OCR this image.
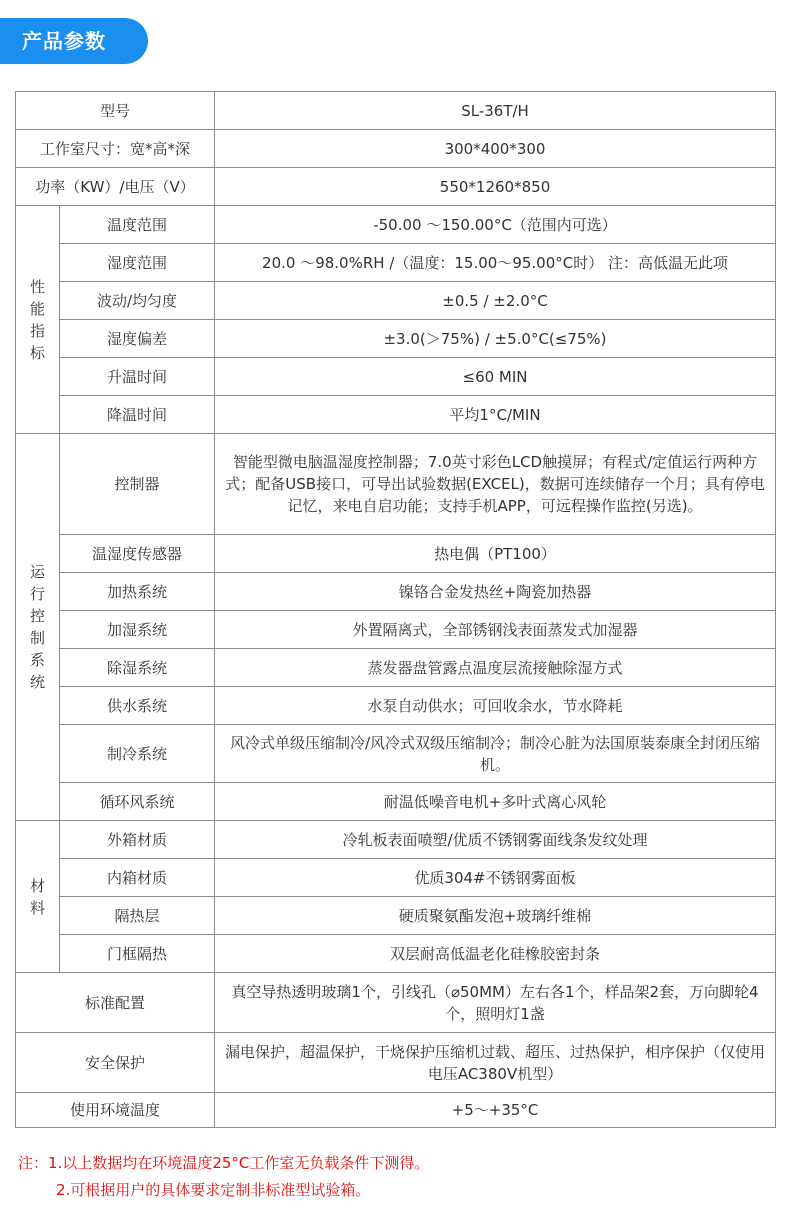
产品参数
型号		SL-36T/H
工作室尺寸：宽*高*深		300*400*300
功率（KW）/电压（V）		550*1260*850
性能指标	温度范围	-50.00 ～150.00°C（范围内可选）
	湿度范围	20.0 ～98.0%RH /（温度：15.00～95.00°C时） 注：高低温无此项
	波动/均匀度	±0.5 / ±2.0°C
	湿度偏差	±3.0(＞75%) / ±5.0°C(≤75%)
	升温时间	≤60 MIN
	降温时间	平均1°C/MIN
运行控制系统	控制器	智能型微电脑温湿度控制器；7.0英寸彩色LCD触摸屏；有程式/定值运行两种方式；配备USB接口，可导出试验数据(EXCEL)，数据可连续储存一个月；具有停电记忆，来电自启功能；支持手机APP，可远程操作监控(另选)。
	温湿度传感器	热电偶（PT100）
	加热系统	镍铬合金发热丝+陶瓷加热器
	加湿系统	外置隔离式，全部锈钢浅表面蒸发式加湿器
	除湿系统	蒸发器盘管露点温度层流接触除湿方式
	供水系统	水泵自动供水；可回收余水，节水降耗
	制冷系统	风冷式单级压缩制冷/风冷式双级压缩制冷；制冷心脏为法国原装泰康全封闭压缩机。
	循环风系统	耐温低噪音电机+多叶式离心风轮
材料	外箱材质	冷轧板表面喷塑/优质不锈钢雾面线条发纹处理
	内箱材质	优质304#不锈钢雾面板
	隔热层	硬质聚氨酯发泡+玻璃纤维棉
	门框隔热	双层耐高低温老化硅橡胶密封条
标准配置		真空导热透明玻璃1个，引线孔（⌀50MM）左右各1个，样品架2套，万向脚轮4个，照明灯1盏
安全保护		漏电保护，超温保护，干烧保护压缩机过载、超压、过热保护，相序保护（仅使用电压AC380V机型）
使用环境温度		+5～+35°C
注：1.以上数据均在环境温度25°C工作室无负载条件下测得。
2.可根据用户的具体要求定制非标准型试验箱。
